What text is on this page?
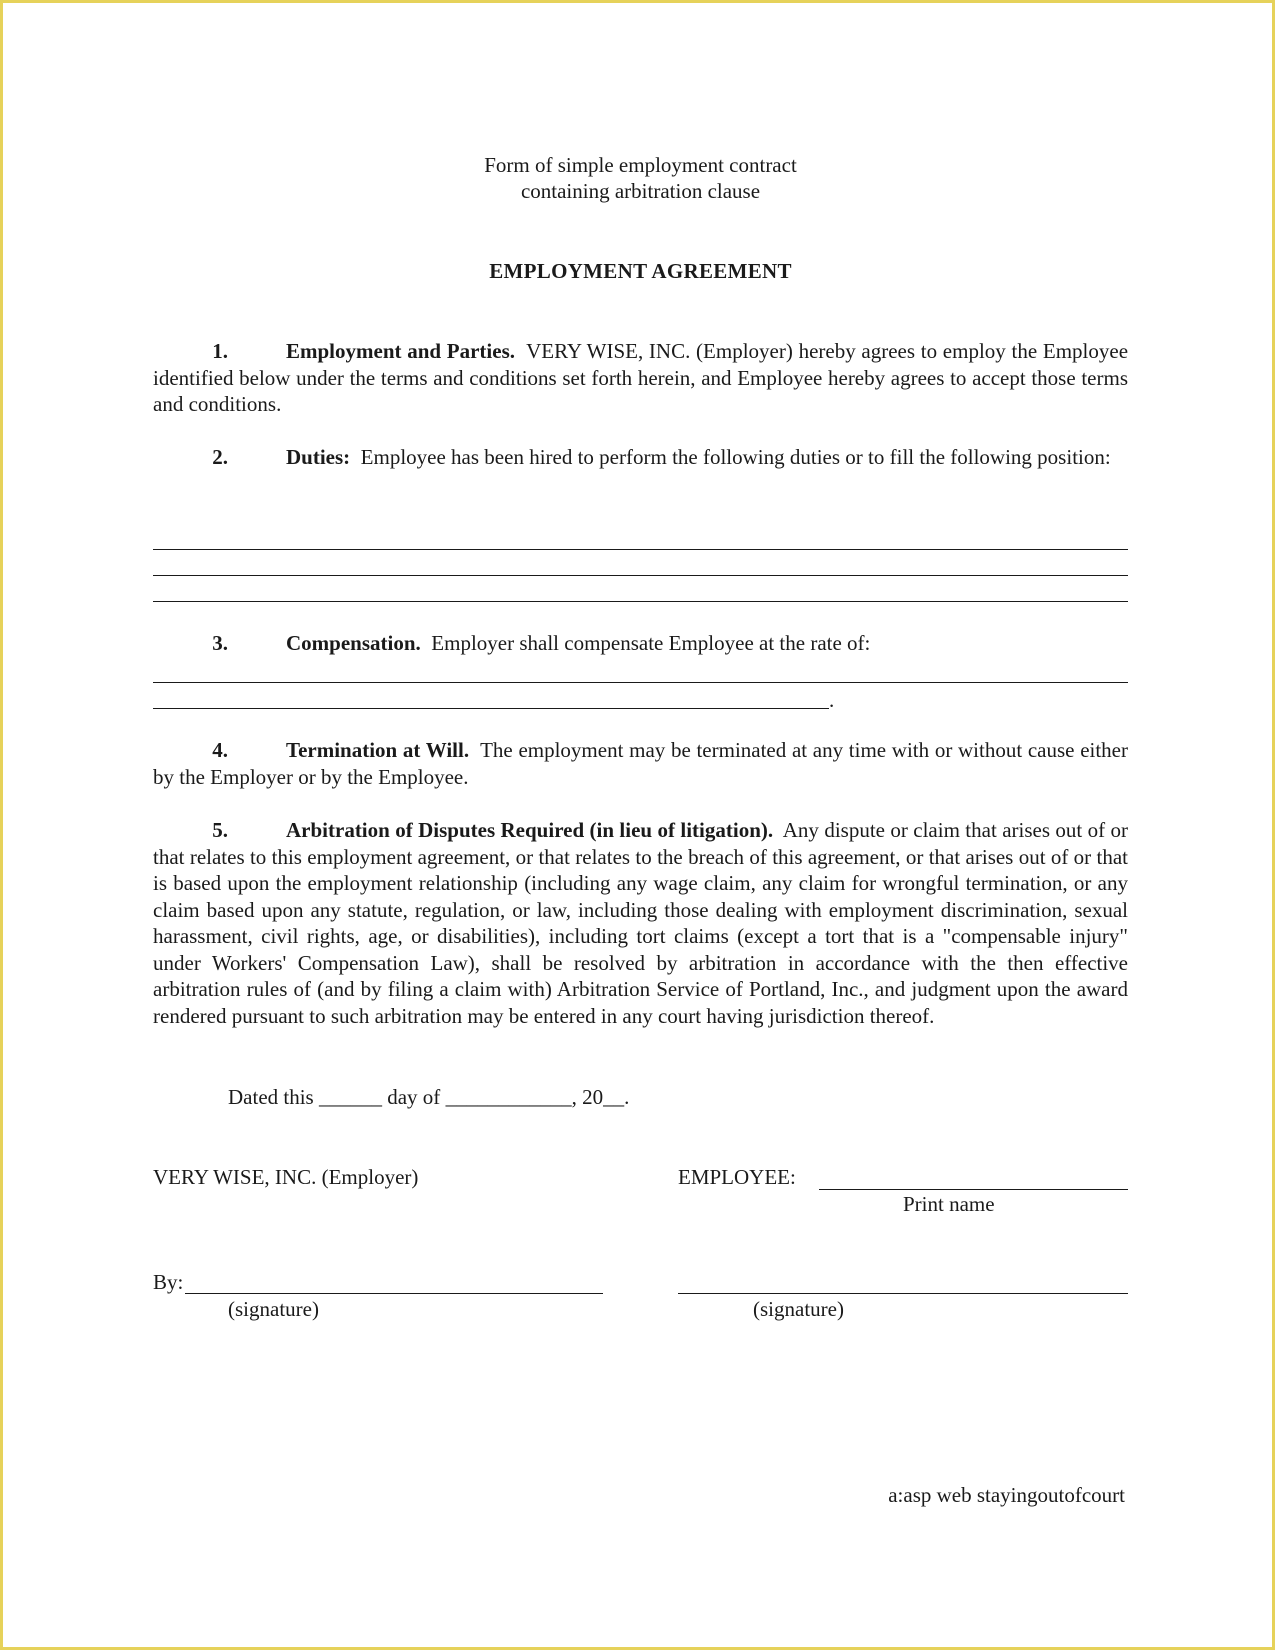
Form of simple employment contract
containing arbitration clause
EMPLOYMENT AGREEMENT
1.	Employment and Parties. VERY WISE, INC. (Employer) hereby agrees to employ the Employee identified below under the terms and conditions set forth herein, and Employee hereby agrees to accept those terms and conditions.
2.	Duties: Employee has been hired to perform the following duties or to fill the following position:
3.	Compensation. Employer shall compensate Employee at the rate of:
.
4.	Termination at Will. The employment may be terminated at any time with or without cause either by the Employer or by the Employee.
5.	Arbitration of Disputes Required (in lieu of litigation). Any dispute or claim that arises out of or that relates to this employment agreement, or that relates to the breach of this agreement, or that arises out of or that is based upon the employment relationship (including any wage claim, any claim for wrongful termination, or any claim based upon any statute, regulation, or law, including those dealing with employment discrimination, sexual harassment, civil rights, age, or disabilities), including tort claims (except a tort that is a "compensable injury" under Workers' Compensation Law), shall be resolved by arbitration in accordance with the then effective arbitration rules of (and by filing a claim with) Arbitration Service of Portland, Inc., and judgment upon the award rendered pursuant to such arbitration may be entered in any court having jurisdiction thereof.
Dated this ______ day of ____________, 20__.
VERY WISE, INC. (Employer)	EMPLOYEE:
Print name
By:
(signature)	(signature)
a:asp web stayingoutofcourt
